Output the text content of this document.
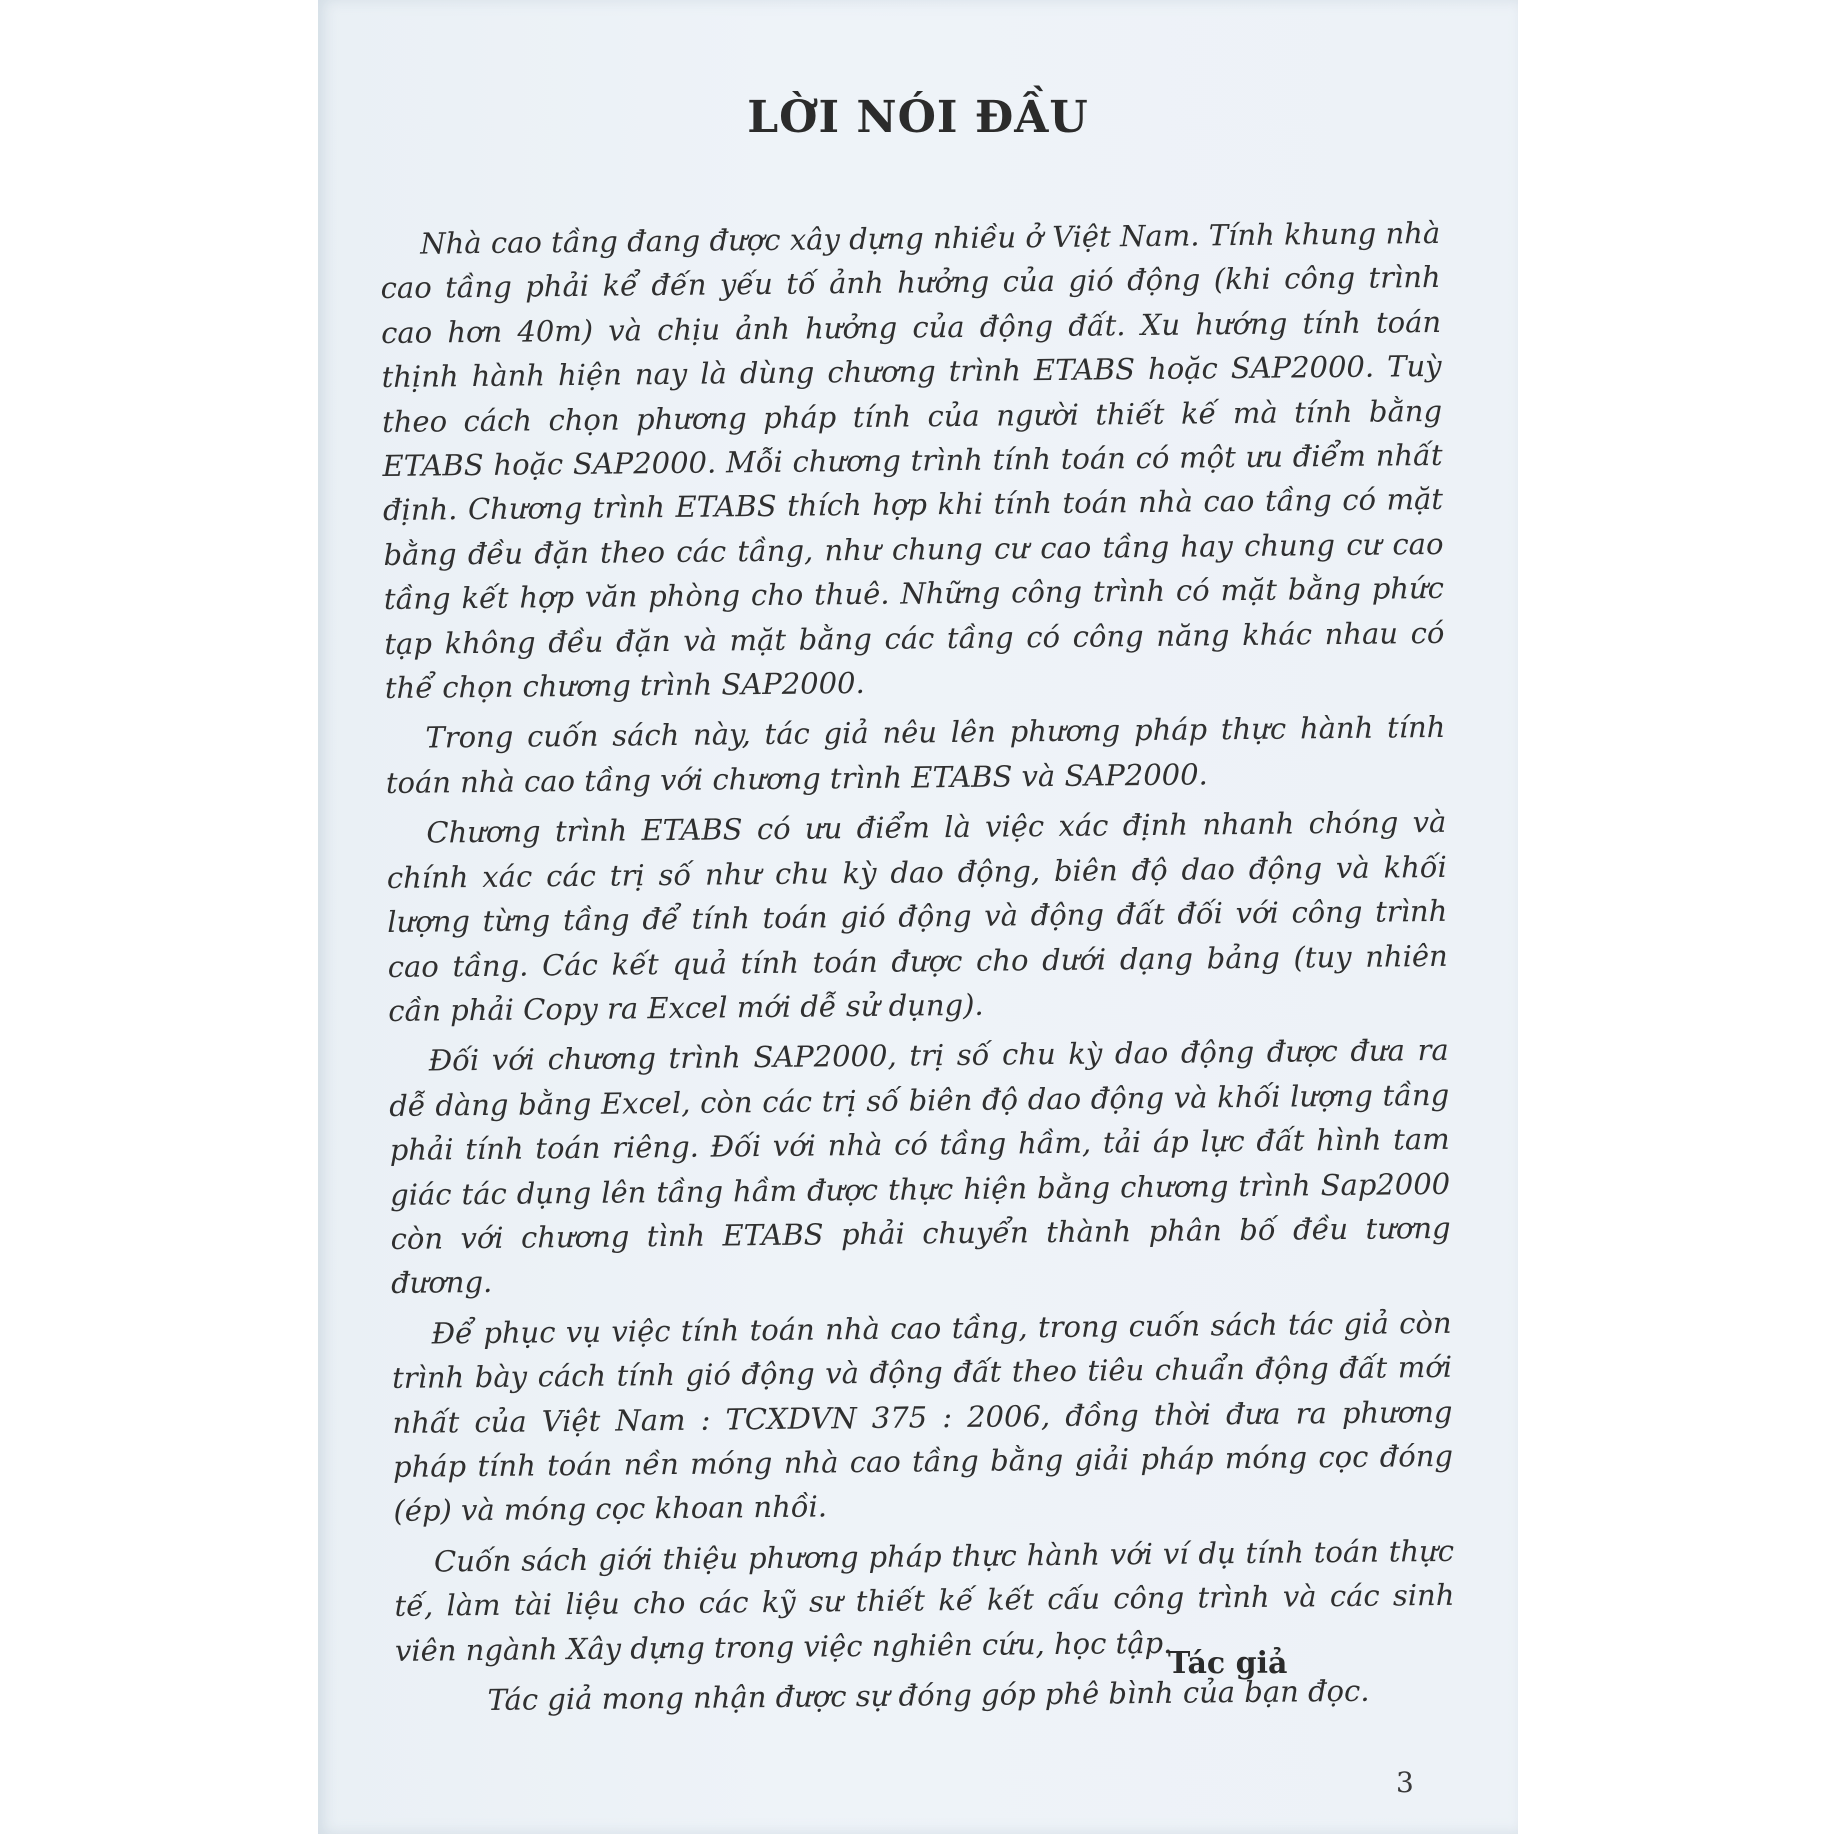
LỜI NÓI ĐẦU

Nhà cao tầng đang được xây dựng nhiều ở Việt Nam. Tính khung nhà cao tầng phải kể đến yếu tố ảnh hưởng của gió động (khi công trình cao hơn 40m) và chịu ảnh hưởng của động đất. Xu hướng tính toán thịnh hành hiện nay là dùng chương trình ETABS hoặc SAP2000. Tuỳ theo cách chọn phương pháp tính của người thiết kế mà tính bằng ETABS hoặc SAP2000. Mỗi chương trình tính toán có một ưu điểm nhất định. Chương trình ETABS thích hợp khi tính toán nhà cao tầng có mặt bằng đều đặn theo các tầng, như chung cư cao tầng hay chung cư cao tầng kết hợp văn phòng cho thuê. Những công trình có mặt bằng phức tạp không đều đặn và mặt bằng các tầng có công năng khác nhau có thể chọn chương trình SAP2000.

Trong cuốn sách này, tác giả nêu lên phương pháp thực hành tính toán nhà cao tầng với chương trình ETABS và SAP2000.

Chương trình ETABS có ưu điểm là việc xác định nhanh chóng và chính xác các trị số như chu kỳ dao động, biên độ dao động và khối lượng từng tầng để tính toán gió động và động đất đối với công trình cao tầng. Các kết quả tính toán được cho dưới dạng bảng (tuy nhiên cần phải Copy ra Excel mới dễ sử dụng).

Đối với chương trình SAP2000, trị số chu kỳ dao động được đưa ra dễ dàng bằng Excel, còn các trị số biên độ dao động và khối lượng tầng phải tính toán riêng. Đối với nhà có tầng hầm, tải áp lực đất hình tam giác tác dụng lên tầng hầm được thực hiện bằng chương trình Sap2000 còn với chương tình ETABS phải chuyển thành phân bố đều tương đương.

Để phục vụ việc tính toán nhà cao tầng, trong cuốn sách tác giả còn trình bày cách tính gió động và động đất theo tiêu chuẩn động đất mới nhất của Việt Nam : TCXDVN 375 : 2006, đồng thời đưa ra phương pháp tính toán nền móng nhà cao tầng bằng giải pháp móng cọc đóng (ép) và móng cọc khoan nhồi.

Cuốn sách giới thiệu phương pháp thực hành với ví dụ tính toán thực tế, làm tài liệu cho các kỹ sư thiết kế kết cấu công trình và các sinh viên ngành Xây dựng trong việc nghiên cứu, học tập.

Tác giả mong nhận được sự đóng góp phê bình của bạn đọc.

Tác giả

3
